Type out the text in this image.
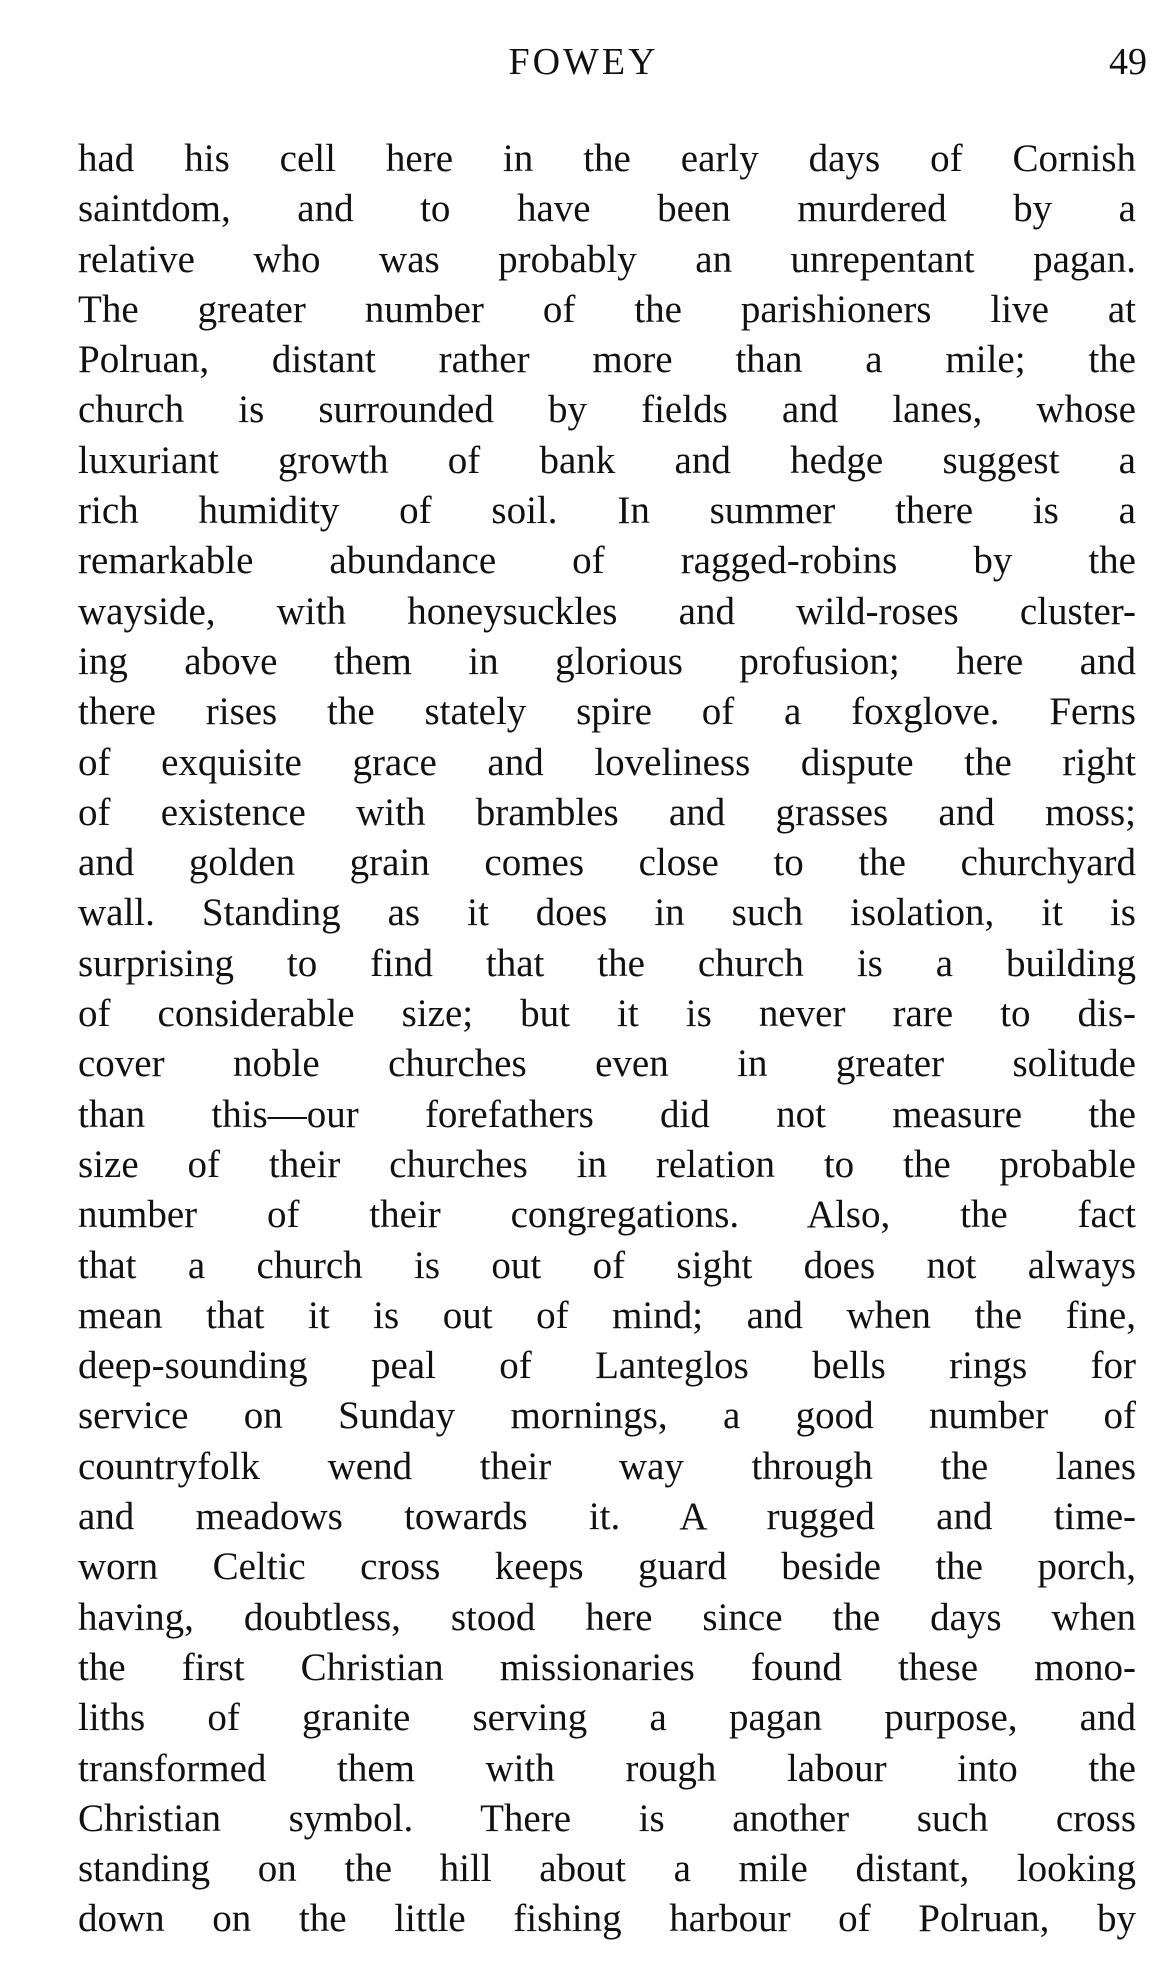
FOWEY	49
had his cell here in the early days of Cornish
saintdom, and to have been murdered by a
relative who was probably an unrepentant pagan.
The greater number of the parishioners live at
Polruan, distant rather more than a mile; the
church is surrounded by fields and lanes, whose
luxuriant growth of bank and hedge suggest a
rich humidity of soil. In summer there is a
remarkable abundance of ragged-robins by the
wayside, with honeysuckles and wild-roses cluster-
ing above them in glorious profusion; here and
there rises the stately spire of a foxglove. Ferns
of exquisite grace and loveliness dispute the right
of existence with brambles and grasses and moss;
and golden grain comes close to the churchyard
wall. Standing as it does in such isolation, it is
surprising to find that the church is a building
of considerable size; but it is never rare to dis-
cover noble churches even in greater solitude
than this—our forefathers did not measure the
size of their churches in relation to the probable
number of their congregations. Also, the fact
that a church is out of sight does not always
mean that it is out of mind; and when the fine,
deep-sounding peal of Lanteglos bells rings for
service on Sunday mornings, a good number of
countryfolk wend their way through the lanes
and meadows towards it. A rugged and time-
worn Celtic cross keeps guard beside the porch,
having, doubtless, stood here since the days when
the first Christian missionaries found these mono-
liths of granite serving a pagan purpose, and
transformed them with rough labour into the
Christian symbol. There is another such cross
standing on the hill about a mile distant, looking
down on the little fishing harbour of Polruan, by
